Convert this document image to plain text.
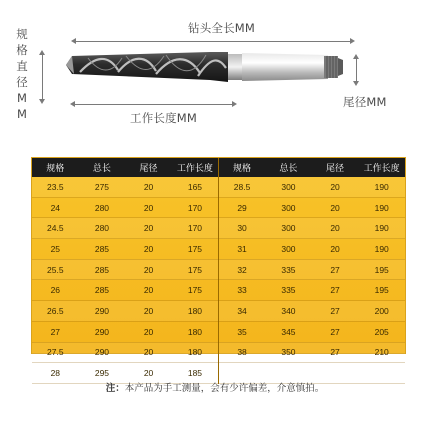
钻头全长MM
规格直径MM
尾径MM
工作长度MM
规格	总长	尾径	工作长度	规格	总长	尾径	工作长度
23.5	275	20	165	28.5	300	20	190
24	280	20	170	29	300	20	190
24.5	280	20	170	30	300	20	190
25	285	20	175	31	300	20	190
25.5	285	20	175	32	335	27	195
26	285	20	175	33	335	27	195
26.5	290	20	180	34	340	27	200
27	290	20	180	35	345	27	205
27.5	290	20	180	38	350	27	210
28	295	20	185				
注：本产品为手工测量，会有少许偏差，介意慎拍。
